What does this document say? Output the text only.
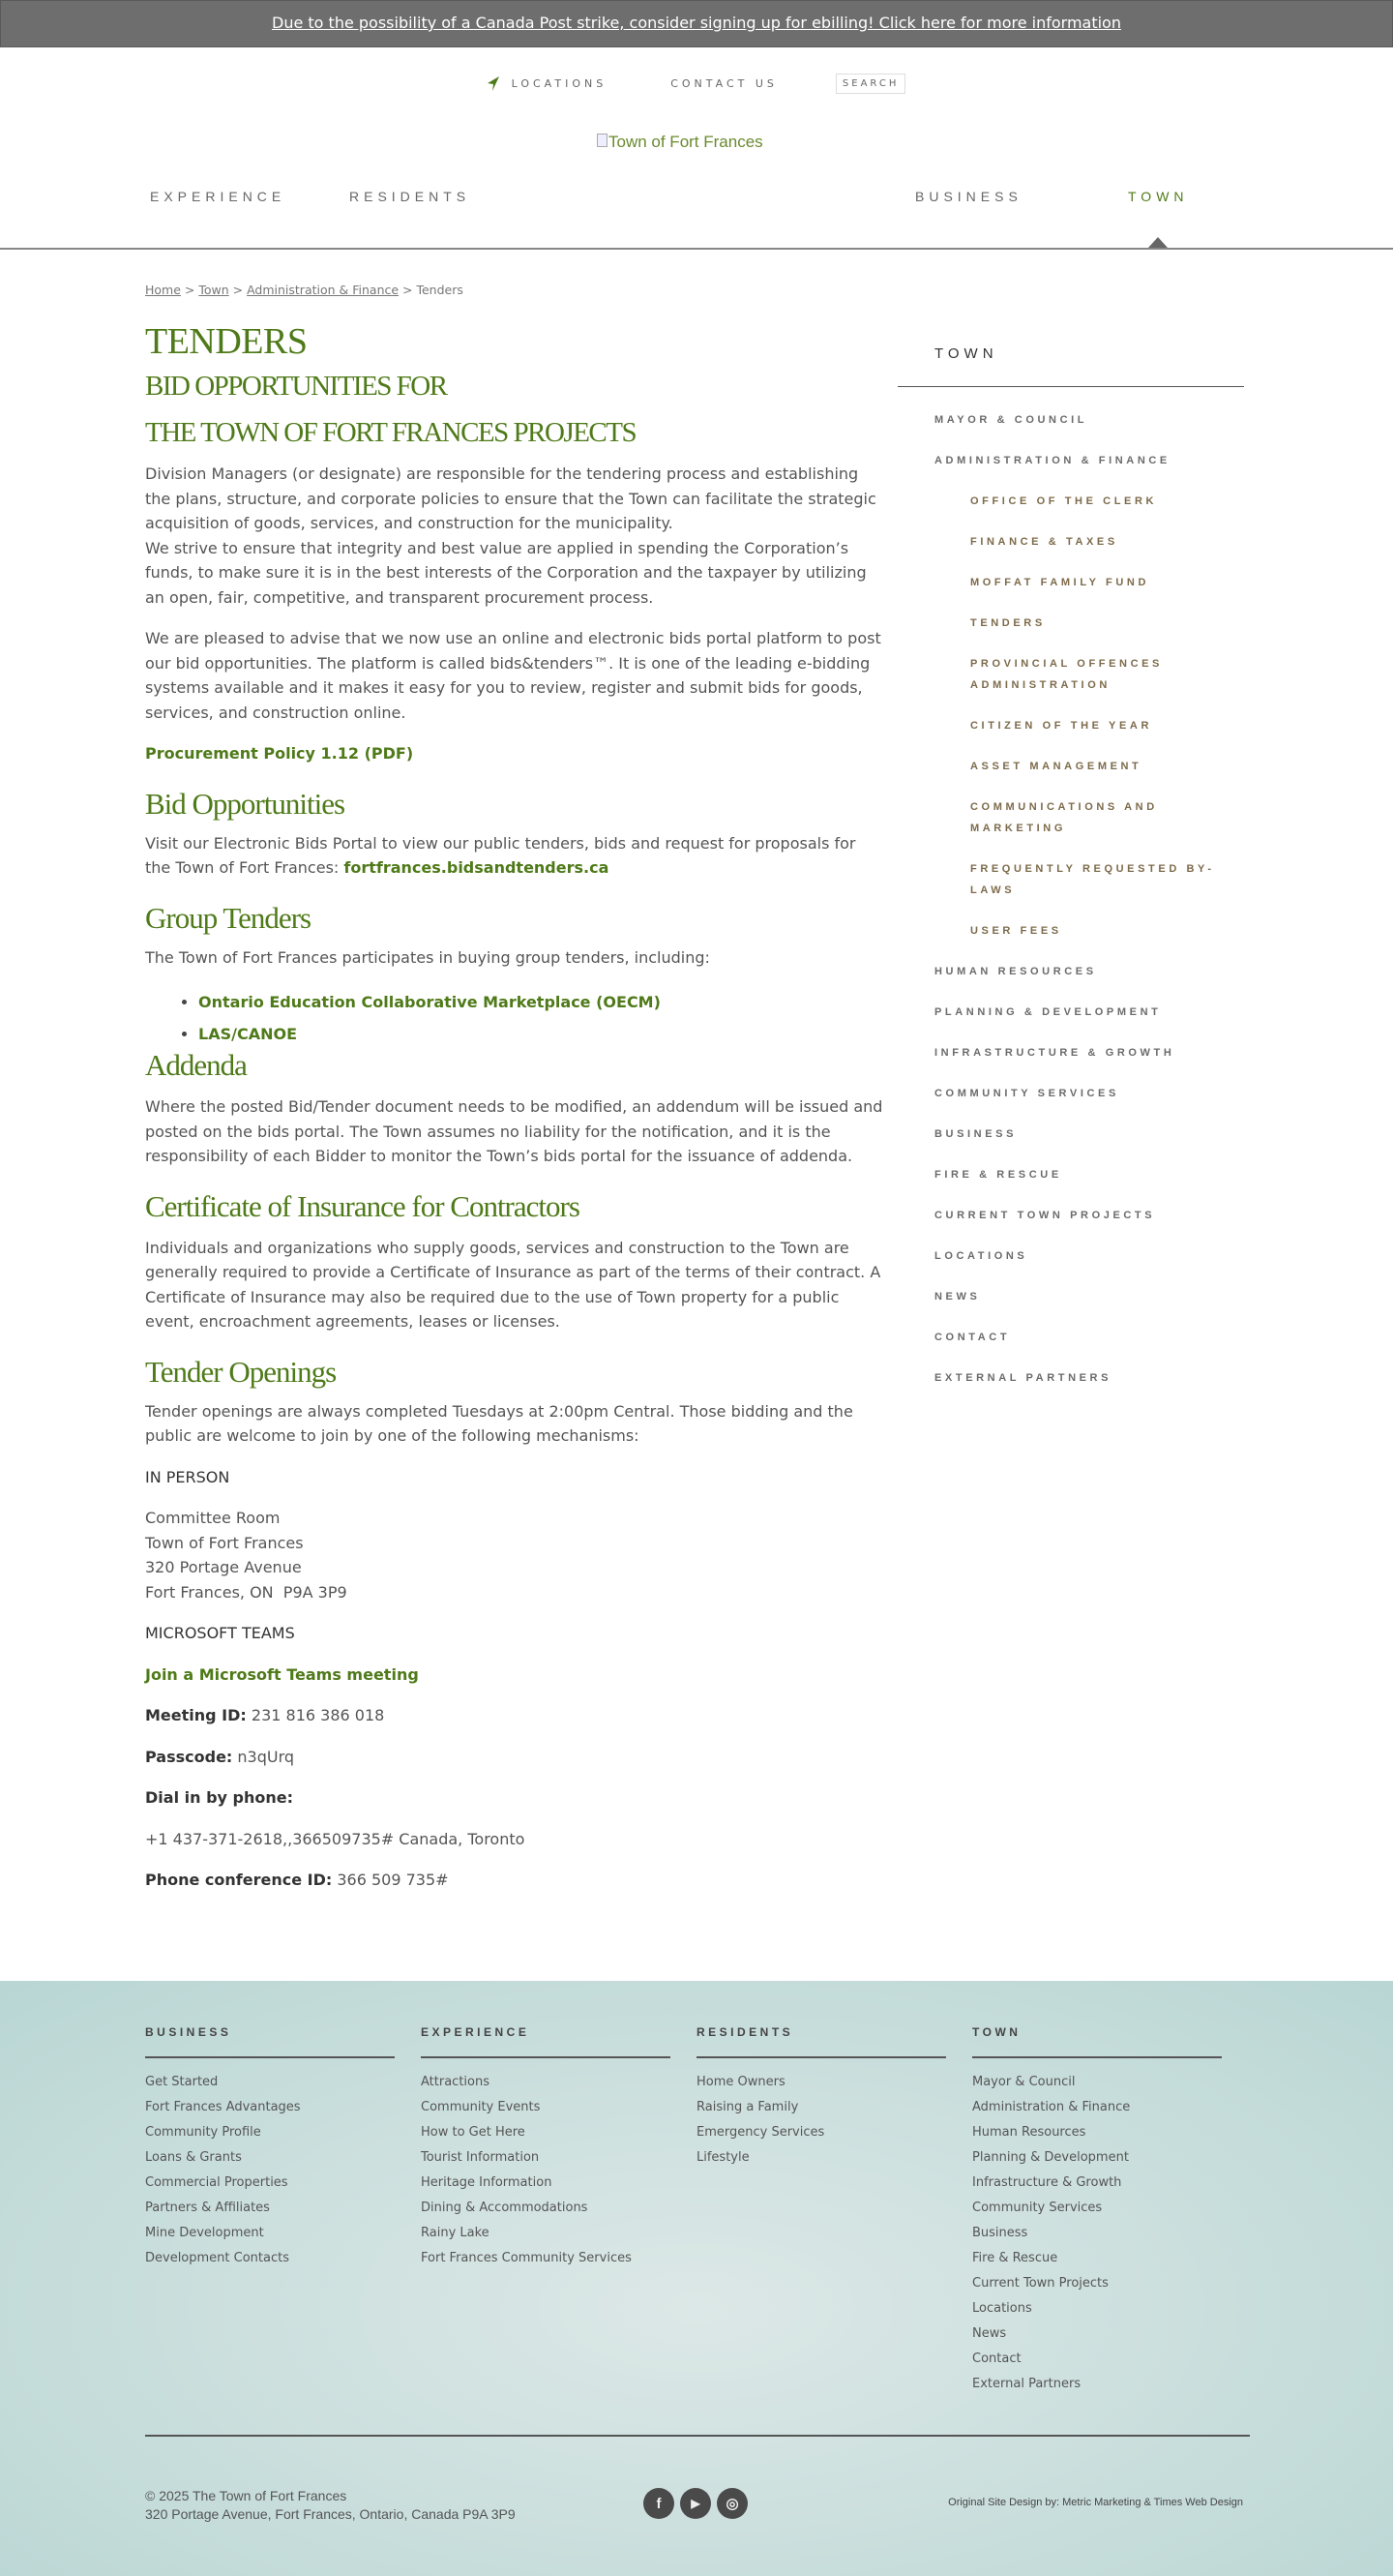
Due to the possibility of a Canada Post strike, consider signing up for ebilling! Click here for more information
LOCATIONS	CONTACT US	SEARCH
Town of Fort Frances
EXPERIENCE	RESIDENTS	BUSINESS	TOWN
Home > Town > Administration & Finance > Tenders
TENDERS
BID OPPORTUNITIES FOR
THE TOWN OF FORT FRANCES PROJECTS

Division Managers (or designate) are responsible for the tendering process and establishing the plans, structure, and corporate policies to ensure that the Town can facilitate the strategic acquisition of goods, services, and construction for the municipality.
We strive to ensure that integrity and best value are applied in spending the Corporation’s funds, to make sure it is in the best interests of the Corporation and the taxpayer by utilizing an open, fair, competitive, and transparent procurement process.

We are pleased to advise that we now use an online and electronic bids portal platform to post our bid opportunities. The platform is called bids&tenders™. It is one of the leading e-bidding systems available and it makes it easy for you to review, register and submit bids for goods, services, and construction online.

Procurement Policy 1.12 (PDF)

Bid Opportunities

Visit our Electronic Bids Portal to view our public tenders, bids and request for proposals for the Town of Fort Frances: fortfrances.bidsandtenders.ca

Group Tenders

The Town of Fort Frances participates in buying group tenders, including:

• Ontario Education Collaborative Marketplace (OECM)
• LAS/CANOE
Addenda

Where the posted Bid/Tender document needs to be modified, an addendum will be issued and posted on the bids portal. The Town assumes no liability for the notification, and it is the responsibility of each Bidder to monitor the Town’s bids portal for the issuance of addenda.

Certificate of Insurance for Contractors

Individuals and organizations who supply goods, services and construction to the Town are generally required to provide a Certificate of Insurance as part of the terms of their contract. A Certificate of Insurance may also be required due to the use of Town property for a public event, encroachment agreements, leases or licenses.

Tender Openings

Tender openings are always completed Tuesdays at 2:00pm Central. Those bidding and the public are welcome to join by one of the following mechanisms:

IN PERSON

Committee Room
Town of Fort Frances
320 Portage Avenue
Fort Frances, ON  P9A 3P9

MICROSOFT TEAMS

Join a Microsoft Teams meeting

Meeting ID: 231 816 386 018

Passcode: n3qUrq

Dial in by phone:

+1 437-371-2618,,366509735# Canada, Toronto

Phone conference ID: 366 509 735#

TOWN
MAYOR & COUNCIL
ADMINISTRATION & FINANCE
OFFICE OF THE CLERK
FINANCE & TAXES
MOFFAT FAMILY FUND
TENDERS
PROVINCIAL OFFENCES ADMINISTRATION
CITIZEN OF THE YEAR
ASSET MANAGEMENT
COMMUNICATIONS AND MARKETING
FREQUENTLY REQUESTED BY-LAWS
USER FEES
HUMAN RESOURCES
PLANNING & DEVELOPMENT
INFRASTRUCTURE & GROWTH
COMMUNITY SERVICES
BUSINESS
FIRE & RESCUE
CURRENT TOWN PROJECTS
LOCATIONS
NEWS
CONTACT
EXTERNAL PARTNERS
BUSINESS
Get Started
Fort Frances Advantages
Community Profile
Loans & Grants
Commercial Properties
Partners & Affiliates
Mine Development
Development Contacts
EXPERIENCE
Attractions
Community Events
How to Get Here
Tourist Information
Heritage Information
Dining & Accommodations
Rainy Lake
Fort Frances Community Services
RESIDENTS
Home Owners
Raising a Family
Emergency Services
Lifestyle
TOWN
Mayor & Council
Administration & Finance
Human Resources
Planning & Development
Infrastructure & Growth
Community Services
Business
Fire & Rescue
Current Town Projects
Locations
News
Contact
External Partners
© 2025 The Town of Fort Frances
320 Portage Avenue, Fort Frances, Ontario, Canada P9A 3P9
f	▶	◎	Original Site Design by: Metric Marketing & Times Web Design
